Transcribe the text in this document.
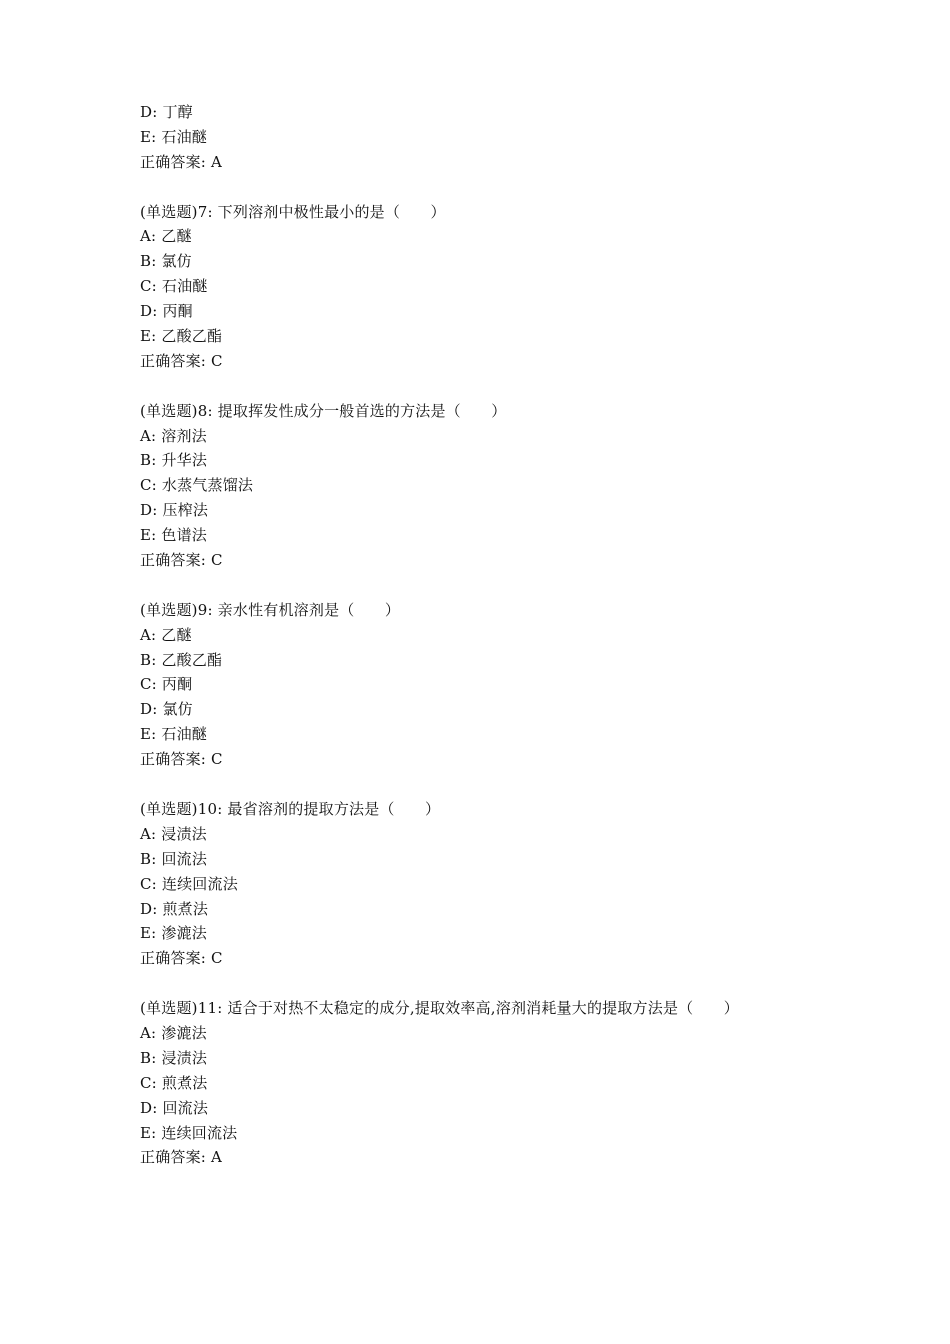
D: 丁醇
E: 石油醚
正确答案: A
(单选题)7: 下列溶剂中极性最小的是（　　）
A: 乙醚
B: 氯仿
C: 石油醚
D: 丙酮
E: 乙酸乙酯
正确答案: C
(单选题)8: 提取挥发性成分一般首选的方法是（　　）
A: 溶剂法
B: 升华法
C: 水蒸气蒸馏法
D: 压榨法
E: 色谱法
正确答案: C
(单选题)9: 亲水性有机溶剂是（　　）
A: 乙醚
B: 乙酸乙酯
C: 丙酮
D: 氯仿
E: 石油醚
正确答案: C
(单选题)10: 最省溶剂的提取方法是（　　）
A: 浸渍法
B: 回流法
C: 连续回流法
D: 煎煮法
E: 渗漉法
正确答案: C
(单选题)11: 适合于对热不太稳定的成分,提取效率高,溶剂消耗量大的提取方法是（　　）
A: 渗漉法
B: 浸渍法
C: 煎煮法
D: 回流法
E: 连续回流法
正确答案: A
